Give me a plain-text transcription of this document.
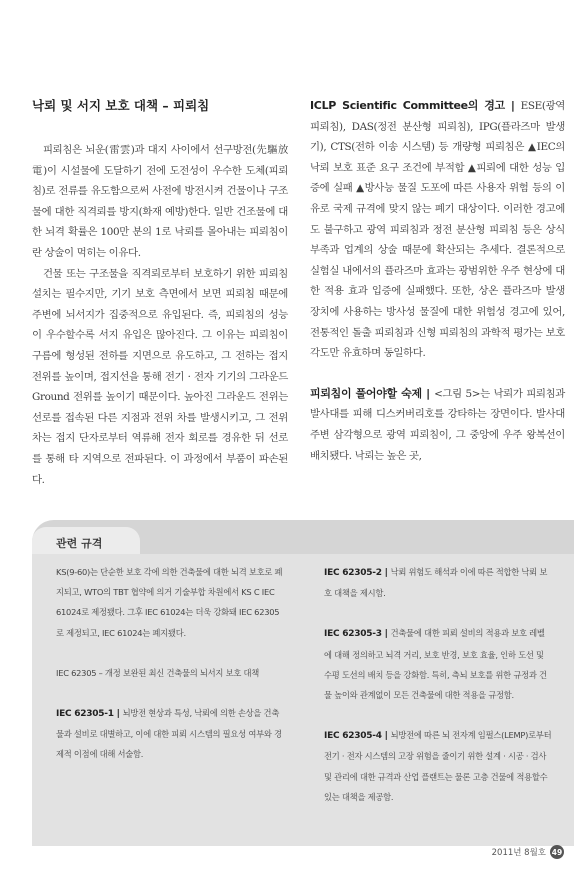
낙뢰 및 서지 보호 대책 – 피뢰침

피뢰침은 뇌운(雷雲)과 대지 사이에서 선구방전(先驅放電)이 시설물에 도달하기 전에 도전성이 우수한 도체(피뢰침)로 전류를 유도함으로써 사전에 방전시켜 건물이나 구조물에 대한 직격뢰를 방지(화재 예방)한다. 일반 건조물에 대한 뇌격 확률은 100만 분의 1로 낙뢰를 몰아내는 피뢰침이란 상술이 먹히는 이유다.

건물 또는 구조물을 직격뢰로부터 보호하기 위한 피뢰침 설치는 필수지만, 기기 보호 측면에서 보면 피뢰침 때문에 주변에 뇌서지가 집중적으로 유입된다. 즉, 피뢰침의 성능이 우수할수록 서지 유입은 많아진다. 그 이유는 피뢰침이 구름에 형성된 전하를 지면으로 유도하고, 그 전하는 접지 전위를 높이며, 접지선을 통해 전기 · 전자 기기의 그라운드Ground 전위를 높이기 때문이다. 높아진 그라운드 전위는 선로를 접속된 다른 지점과 전위 차를 발생시키고, 그 전위 차는 접지 단자로부터 역류해 전자 회로를 경유한 뒤 선로를 통해 타 지역으로 전파된다. 이 과정에서 부품이 파손된다.

ICLP Scientific Committee의 경고 | ESE(광역 피뢰침), DAS(정전 분산형 피뢰침), IPG(플라즈마 발생기), CTS(전하 이송 시스템) 등 개량형 피뢰침은 ▲IEC의 낙뢰 보호 표준 요구 조건에 부적합 ▲피뢰에 대한 성능 입증에 실패 ▲방사능 물질 도포에 따른 사용자 위험 등의 이유로 국제 규격에 맞지 않는 폐기 대상이다. 이러한 경고에도 불구하고 광역 피뢰침과 정전 분산형 피뢰침 등은 상식 부족과 업계의 상술 때문에 확산되는 추세다. 결론적으로 실험실 내에서의 플라즈마 효과는 광범위한 우주 현상에 대한 적용 효과 입증에 실패했다. 또한, 상온 플라즈마 발생 장치에 사용하는 방사성 물질에 대한 위험성 경고에 있어, 전통적인 돌출 피뢰침과 신형 피뢰침의 과학적 평가는 보호 각도만 유효하며 동일하다.

피뢰침이 풀어야할 숙제 | <그림 5>는 낙뢰가 피뢰침과 발사대를 피해 디스커버리호를 강타하는 장면이다. 발사대 주변 삼각형으로 광역 피뢰침이, 그 중앙에 우주 왕복선이 배치됐다. 낙뢰는 높은 곳,

관련 규격

KS(9-60)는 단순한 보호 각에 의한 건축물에 대한 뇌격 보호로 폐지되고, WTO의 TBT 협약에 의거 기술부합 차원에서 KS C IEC 61024로 제정됐다. 그후 IEC 61024는 더욱 강화돼 IEC 62305로 제정되고, IEC 61024는 폐지됐다.

IEC 62305 – 개정 보완된 최신 건축물의 뇌서지 보호 대책

IEC 62305-1 | 뇌방전 현상과 특성, 낙뢰에 의한 손상을 건축물과 설비로 대별하고, 이에 대한 피뢰 시스템의 필요성 여부와 경제적 이점에 대해 서술함.

IEC 62305-2 | 낙뢰 위험도 해석과 이에 따른 적합한 낙뢰 보호 대책을 제시함.

IEC 62305-3 | 건축물에 대한 피뢰 설비의 적용과 보호 레벨에 대해 정의하고 뇌격 거리, 보호 반경, 보호 효율, 인하 도선 및 수평 도선의 배치 등을 강화함. 특히, 측뇌 보호를 위한 규정과 건물 높이와 관계없이 모든 건축물에 대한 적용을 규정함.

IEC 62305-4 | 뇌방전에 따른 뇌 전자계 임펄스(LEMP)로부터 전기 · 전자 시스템의 고장 위험을 줄이기 위한 설계 · 시공 · 검사 및 관리에 대한 규격과 산업 플랜트는 물론 고층 건물에 적용할수 있는 대책을 제공함.

2011년 8월호 49
